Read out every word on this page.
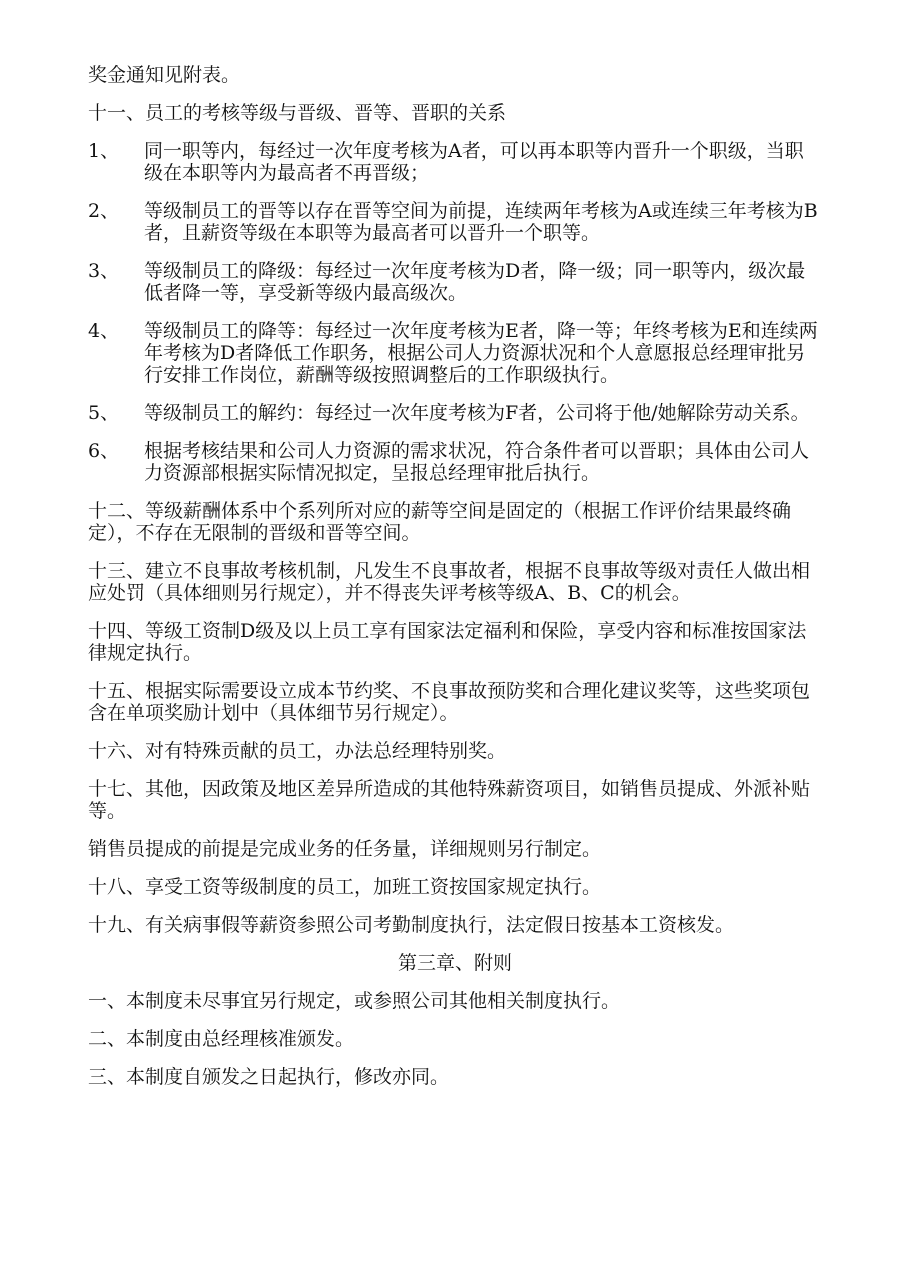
奖金通知见附表。

十一、员工的考核等级与晋级、晋等、晋职的关系

1、	同一职等内，每经过一次年度考核为A者，可以再本职等内晋升一个职级，当职级在本职等内为最高者不再晋级；
2、	等级制员工的晋等以存在晋等空间为前提，连续两年考核为A或连续三年考核为B者，且薪资等级在本职等为最高者可以晋升一个职等。
3、	等级制员工的降级：每经过一次年度考核为D者，降一级；同一职等内，级次最低者降一等，享受新等级内最高级次。
4、	等级制员工的降等：每经过一次年度考核为E者，降一等；年终考核为E和连续两年考核为D者降低工作职务，根据公司人力资源状况和个人意愿报总经理审批另行安排工作岗位，薪酬等级按照调整后的工作职级执行。
5、	等级制员工的解约：每经过一次年度考核为F者，公司将于他/她解除劳动关系。
6、	根据考核结果和公司人力资源的需求状况，符合条件者可以晋职；具体由公司人力资源部根据实际情况拟定，呈报总经理审批后执行。

十二、等级薪酬体系中个系列所对应的薪等空间是固定的（根据工作评价结果最终确定），不存在无限制的晋级和晋等空间。

十三、建立不良事故考核机制，凡发生不良事故者，根据不良事故等级对责任人做出相应处罚（具体细则另行规定），并不得丧失评考核等级A、B、C的机会。

十四、等级工资制D级及以上员工享有国家法定福利和保险，享受内容和标准按国家法律规定执行。

十五、根据实际需要设立成本节约奖、不良事故预防奖和合理化建议奖等，这些奖项包含在单项奖励计划中（具体细节另行规定）。

十六、对有特殊贡献的员工，办法总经理特别奖。

十七、其他，因政策及地区差异所造成的其他特殊薪资项目，如销售员提成、外派补贴等。

销售员提成的前提是完成业务的任务量，详细规则另行制定。

十八、享受工资等级制度的员工，加班工资按国家规定执行。

十九、有关病事假等薪资参照公司考勤制度执行，法定假日按基本工资核发。

第三章、附则

一、本制度未尽事宜另行规定，或参照公司其他相关制度执行。

二、本制度由总经理核准颁发。

三、本制度自颁发之日起执行，修改亦同。
